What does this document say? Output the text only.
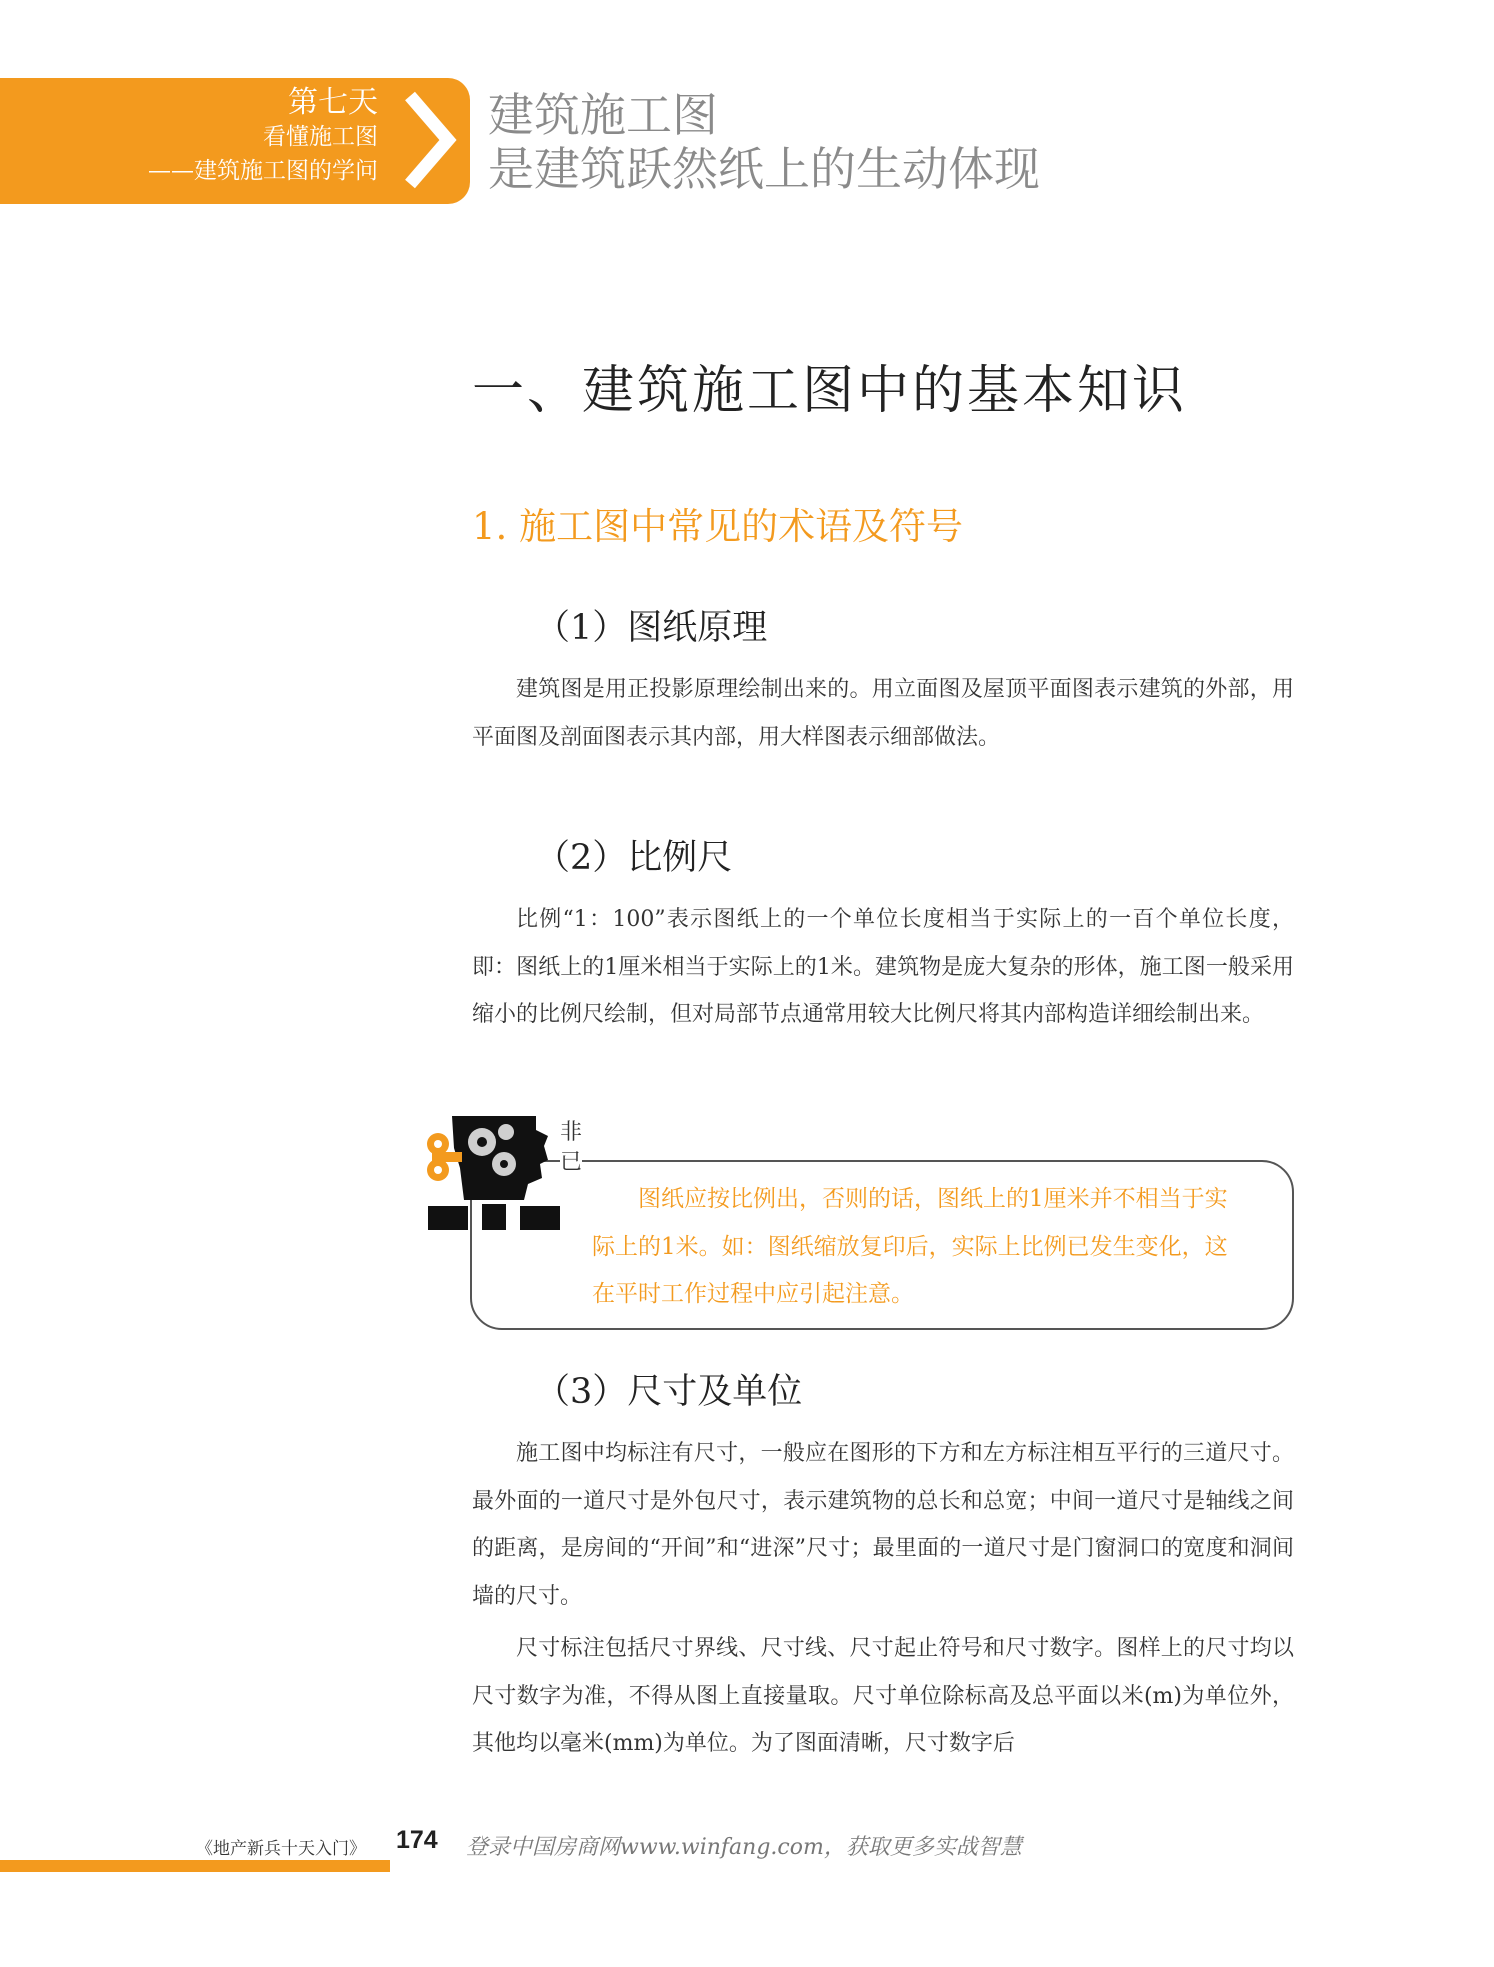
第七天
看懂施工图
——建筑施工图的学问
建筑施工图
是建筑跃然纸上的生动体现
一、建筑施工图中的基本知识
1. 施工图中常见的术语及符号
（1）图纸原理

建筑图是用正投影原理绘制出来的。用立面图及屋顶平面图表示建筑的外部，用平面图及剖面图表示其内部，用大样图表示细部做法。

（2）比例尺

比例“1：100”表示图纸上的一个单位长度相当于实际上的一百个单位长度，即：图纸上的1厘米相当于实际上的1米。建筑物是庞大复杂的形体，施工图一般采用缩小的比例尺绘制，但对局部节点通常用较大比例尺将其内部构造详细绘制出来。

图纸应按比例出，否则的话，图纸上的1厘米并不相当于实际上的1米。如：图纸缩放复印后，实际上比例已发生变化，这在平时工作过程中应引起注意。
非已
（3）尺寸及单位

施工图中均标注有尺寸，一般应在图形的下方和左方标注相互平行的三道尺寸。最外面的一道尺寸是外包尺寸，表示建筑物的总长和总宽；中间一道尺寸是轴线之间的距离，是房间的“开间”和“进深”尺寸；最里面的一道尺寸是门窗洞口的宽度和洞间墙的尺寸。

尺寸标注包括尺寸界线、尺寸线、尺寸起止符号和尺寸数字。图样上的尺寸均以尺寸数字为准，不得从图上直接量取。尺寸单位除标高及总平面以米(m)为单位外，其他均以毫米(mm)为单位。为了图面清晰，尺寸数字后

《地产新兵十天入门》 174 登录中国房商网www.winfang.com，获取更多实战智慧
